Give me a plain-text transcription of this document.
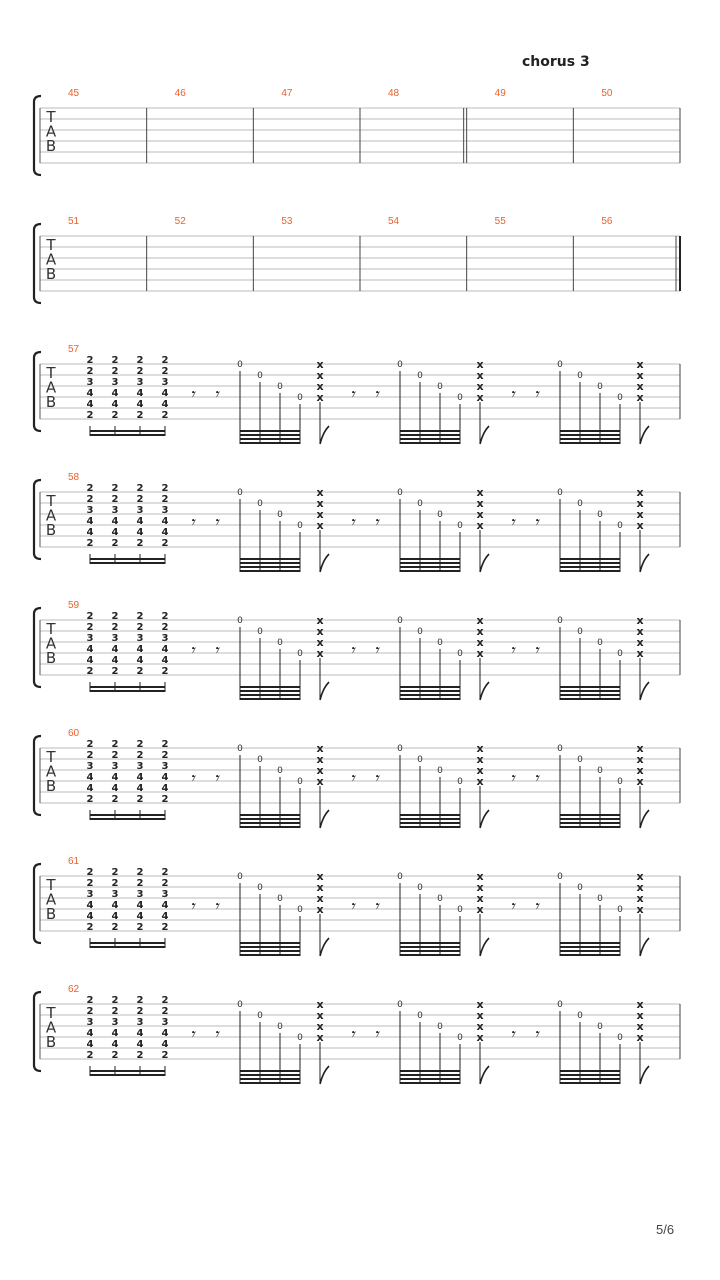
chorus 3
T
A
B
45	46	47	48	49	50
T
A
B
51	52	53	54	55	56
T
A
B
57
2
2
3
4
4
2
2
2
3
4
4
2
2
2
3
4
4
2
2
2
3
4
4
2
𝄾 𝄾	𝄾 𝄾	𝄾 𝄾
0
0
0
0
0
0
0
0
0
0
0
0
x
x
x
x
x
x
x
x
x
x
x
x
T
A
B
58
2
2
3
4
4
2
2
2
3
4
4
2
2
2
3
4
4
2
2
2
3
4
4
2
𝄾 𝄾	𝄾 𝄾	𝄾 𝄾
0
0
0
0
0
0
0
0
0
0
0
0
x
x
x
x
x
x
x
x
x
x
x
x
T
A
B
59
2
2
3
4
4
2
2
2
3
4
4
2
2
2
3
4
4
2
2
2
3
4
4
2
𝄾 𝄾	𝄾 𝄾	𝄾 𝄾
0
0
0
0
0
0
0
0
0
0
0
0
x
x
x
x
x
x
x
x
x
x
x
x
T
A
B
60
2
2
3
4
4
2
2
2
3
4
4
2
2
2
3
4
4
2
2
2
3
4
4
2
𝄾 𝄾	𝄾 𝄾	𝄾 𝄾
0
0
0
0
0
0
0
0
0
0
0
0
x
x
x
x
x
x
x
x
x
x
x
x
T
A
B
61
2
2
3
4
4
2
2
2
3
4
4
2
2
2
3
4
4
2
2
2
3
4
4
2
𝄾 𝄾	𝄾 𝄾	𝄾 𝄾
0
0
0
0
0
0
0
0
0
0
0
0
x
x
x
x
x
x
x
x
x
x
x
x
T
A
B
62
2
2
3
4
4
2
2
2
3
4
4
2
2
2
3
4
4
2
2
2
3
4
4
2
𝄾 𝄾	𝄾 𝄾	𝄾 𝄾
0
0
0
0
0
0
0
0
0
0
0
0
x
x
x
x
x
x
x
x
x
x
x
x
5/6
